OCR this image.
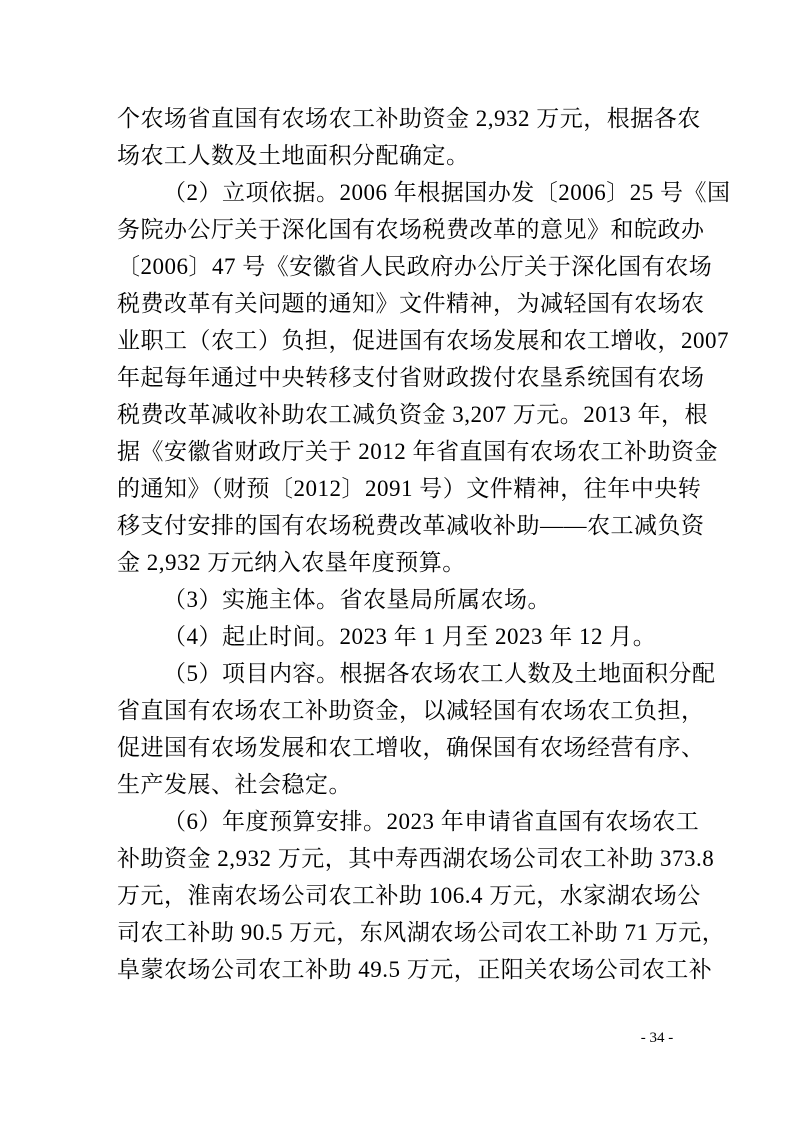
个农场省直国有农场农工补助资金 2,932 万元，根据各农
场农工人数及土地面积分配确定。
（2）立项依据。2006 年根据国办发〔2006〕25 号《国
务院办公厅关于深化国有农场税费改革的意见》和皖政办
〔2006〕47 号《安徽省人民政府办公厅关于深化国有农场
税费改革有关问题的通知》文件精神，为减轻国有农场农
业职工（农工）负担，促进国有农场发展和农工增收，2007
年起每年通过中央转移支付省财政拨付农垦系统国有农场
税费改革减收补助农工减负资金 3,207 万元。2013 年，根
据《安徽省财政厅关于 2012 年省直国有农场农工补助资金
的通知》（财预〔2012〕2091 号）文件精神，往年中央转
移支付安排的国有农场税费改革减收补助——农工减负资
金 2,932 万元纳入农垦年度预算。
（3）实施主体。省农垦局所属农场。
（4）起止时间。2023 年 1 月至 2023 年 12 月。
（5）项目内容。根据各农场农工人数及土地面积分配
省直国有农场农工补助资金，以减轻国有农场农工负担，
促进国有农场发展和农工增收，确保国有农场经营有序、
生产发展、社会稳定。
（6）年度预算安排。2023 年申请省直国有农场农工
补助资金 2,932 万元，其中寿西湖农场公司农工补助 373.8
万元，淮南农场公司农工补助 106.4 万元，水家湖农场公
司农工补助 90.5 万元，东风湖农场公司农工补助 71 万元，
阜蒙农场公司农工补助 49.5 万元，正阳关农场公司农工补
- 34 -
